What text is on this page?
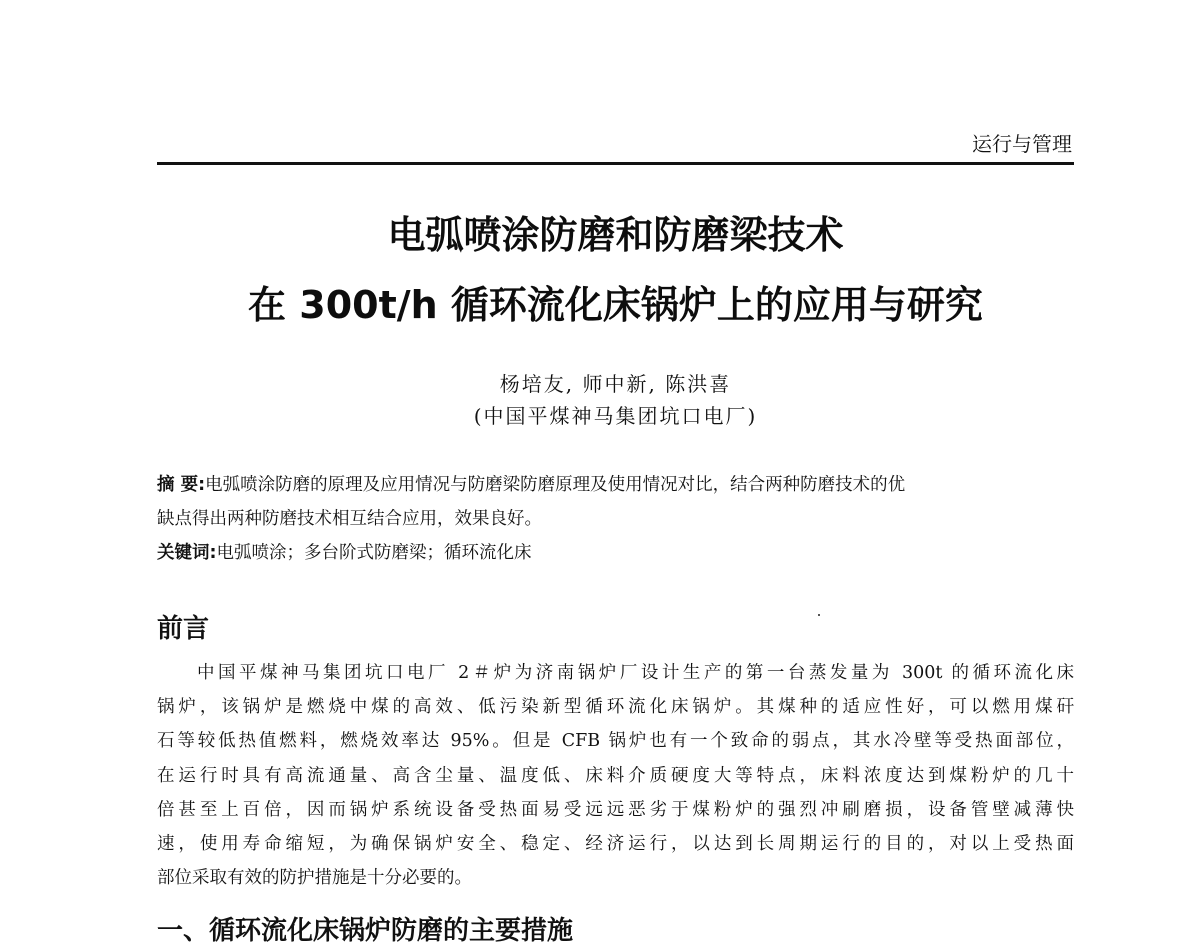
运行与管理
电弧喷涂防磨和防磨梁技术
在 300t/h 循环流化床锅炉上的应用与研究
杨培友, 师中新, 陈洪喜
(中国平煤神马集团坑口电厂)
摘 要:电弧喷涂防磨的原理及应用情况与防磨梁防磨原理及使用情况对比，结合两种防磨技术的优
缺点得出两种防磨技术相互结合应用，效果良好。
关键词:电弧喷涂；多台阶式防磨梁；循环流化床
前言
中国平煤神马集团坑口电厂 2＃炉为济南锅炉厂设计生产的第一台蒸发量为 300t 的循环流化床
锅炉，该锅炉是燃烧中煤的高效、低污染新型循环流化床锅炉。其煤种的适应性好，可以燃用煤矸
石等较低热值燃料，燃烧效率达 95%。但是 CFB 锅炉也有一个致命的弱点，其水冷壁等受热面部位，
在运行时具有高流通量、高含尘量、温度低、床料介质硬度大等特点，床料浓度达到煤粉炉的几十
倍甚至上百倍，因而锅炉系统设备受热面易受远远恶劣于煤粉炉的强烈冲刷磨损，设备管壁减薄快
速，使用寿命缩短，为确保锅炉安全、稳定、经济运行，以达到长周期运行的目的，对以上受热面
部位采取有效的防护措施是十分必要的。
一、循环流化床锅炉防磨的主要措施
